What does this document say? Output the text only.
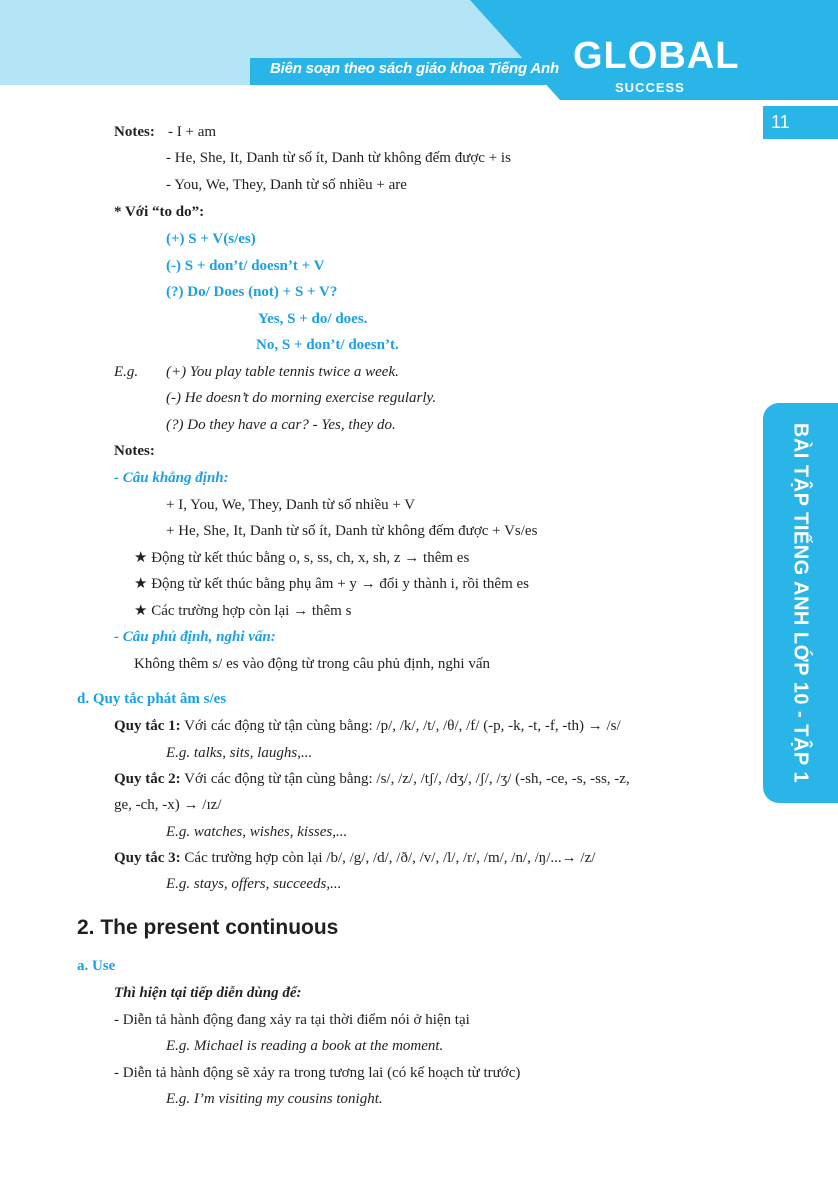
Biên soạn theo sách giáo khoa Tiếng Anh GLOBAL
SUCCESS
11
BÀI TẬP TIẾNG ANH LỚP 10 - TẬP 1
Notes: - I + am
- He, She, It, Danh từ số ít, Danh từ không đếm được + is
- You, We, They, Danh từ số nhiều + are
* Với “to do”:
(+) S + V(s/es)
(-) S + don’t/ doesn’t + V
(?) Do/ Does (not) + S + V?
Yes, S + do/ does.
No, S + don’t/ doesn’t.
E.g. (+) You play table tennis twice a week.
(-) He doesn’t do morning exercise regularly.
(?) Do they have a car? - Yes, they do.
Notes:
- Câu khẳng định:
+ I, You, We, They, Danh từ số nhiều + V
+ He, She, It, Danh từ số ít, Danh từ không đếm được + Vs/es
★ Động từ kết thúc bằng o, s, ss, ch, x, sh, z → thêm es
★ Động từ kết thúc bằng phụ âm + y → đổi y thành i, rồi thêm es
★ Các trường hợp còn lại → thêm s
- Câu phủ định, nghi vấn:
Không thêm s/ es vào động từ trong câu phủ định, nghi vấn
d. Quy tắc phát âm s/es
Quy tắc 1: Với các động từ tận cùng bằng: /p/, /k/, /t/, /θ/, /f/ (-p, -k, -t, -f, -th) → /s/
E.g. talks, sits, laughs,...
Quy tắc 2: Với các động từ tận cùng bằng: /s/, /z/, /tʃ/, /dʒ/, /ʃ/, /ʒ/ (-sh, -ce, -s, -ss, -z,
ge, -ch, -x) → /ɪz/
E.g. watches, wishes, kisses,...
Quy tắc 3: Các trường hợp còn lại /b/, /g/, /d/, /ð/, /v/, /l/, /r/, /m/, /n/, /ŋ/...→ /z/
E.g. stays, offers, succeeds,...
2. The present continuous
a. Use
Thì hiện tại tiếp diễn dùng để:
- Diễn tả hành động đang xảy ra tại thời điểm nói ở hiện tại
E.g. Michael is reading a book at the moment.
- Diễn tả hành động sẽ xảy ra trong tương lai (có kế hoạch từ trước)
E.g. I’m visiting my cousins tonight.
